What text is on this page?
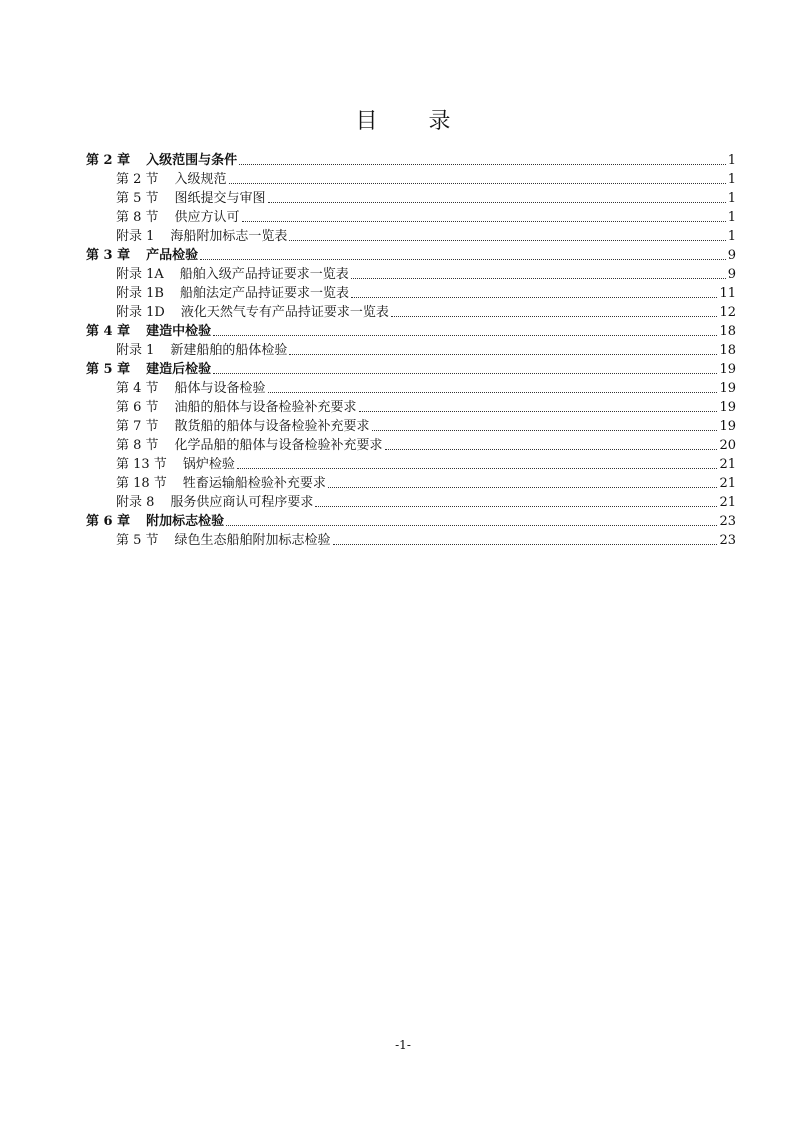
目 录
第 2 章 入级范围与条件	1
第 2 节 入级规范	1
第 5 节 图纸提交与审图	1
第 8 节 供应方认可	1
附录 1 海船附加标志一览表	1
第 3 章 产品检验	9
附录 1A 船舶入级产品持证要求一览表	9
附录 1B 船舶法定产品持证要求一览表	11
附录 1D 液化天然气专有产品持证要求一览表	12
第 4 章 建造中检验	18
附录 1 新建船舶的船体检验	18
第 5 章 建造后检验	19
第 4 节 船体与设备检验	19
第 6 节 油船的船体与设备检验补充要求	19
第 7 节 散货船的船体与设备检验补充要求	19
第 8 节 化学品船的船体与设备检验补充要求	20
第 13 节 锅炉检验	21
第 18 节 牲畜运输船检验补充要求	21
附录 8 服务供应商认可程序要求	21
第 6 章 附加标志检验	23
第 5 节 绿色生态船舶附加标志检验	23
-1-
